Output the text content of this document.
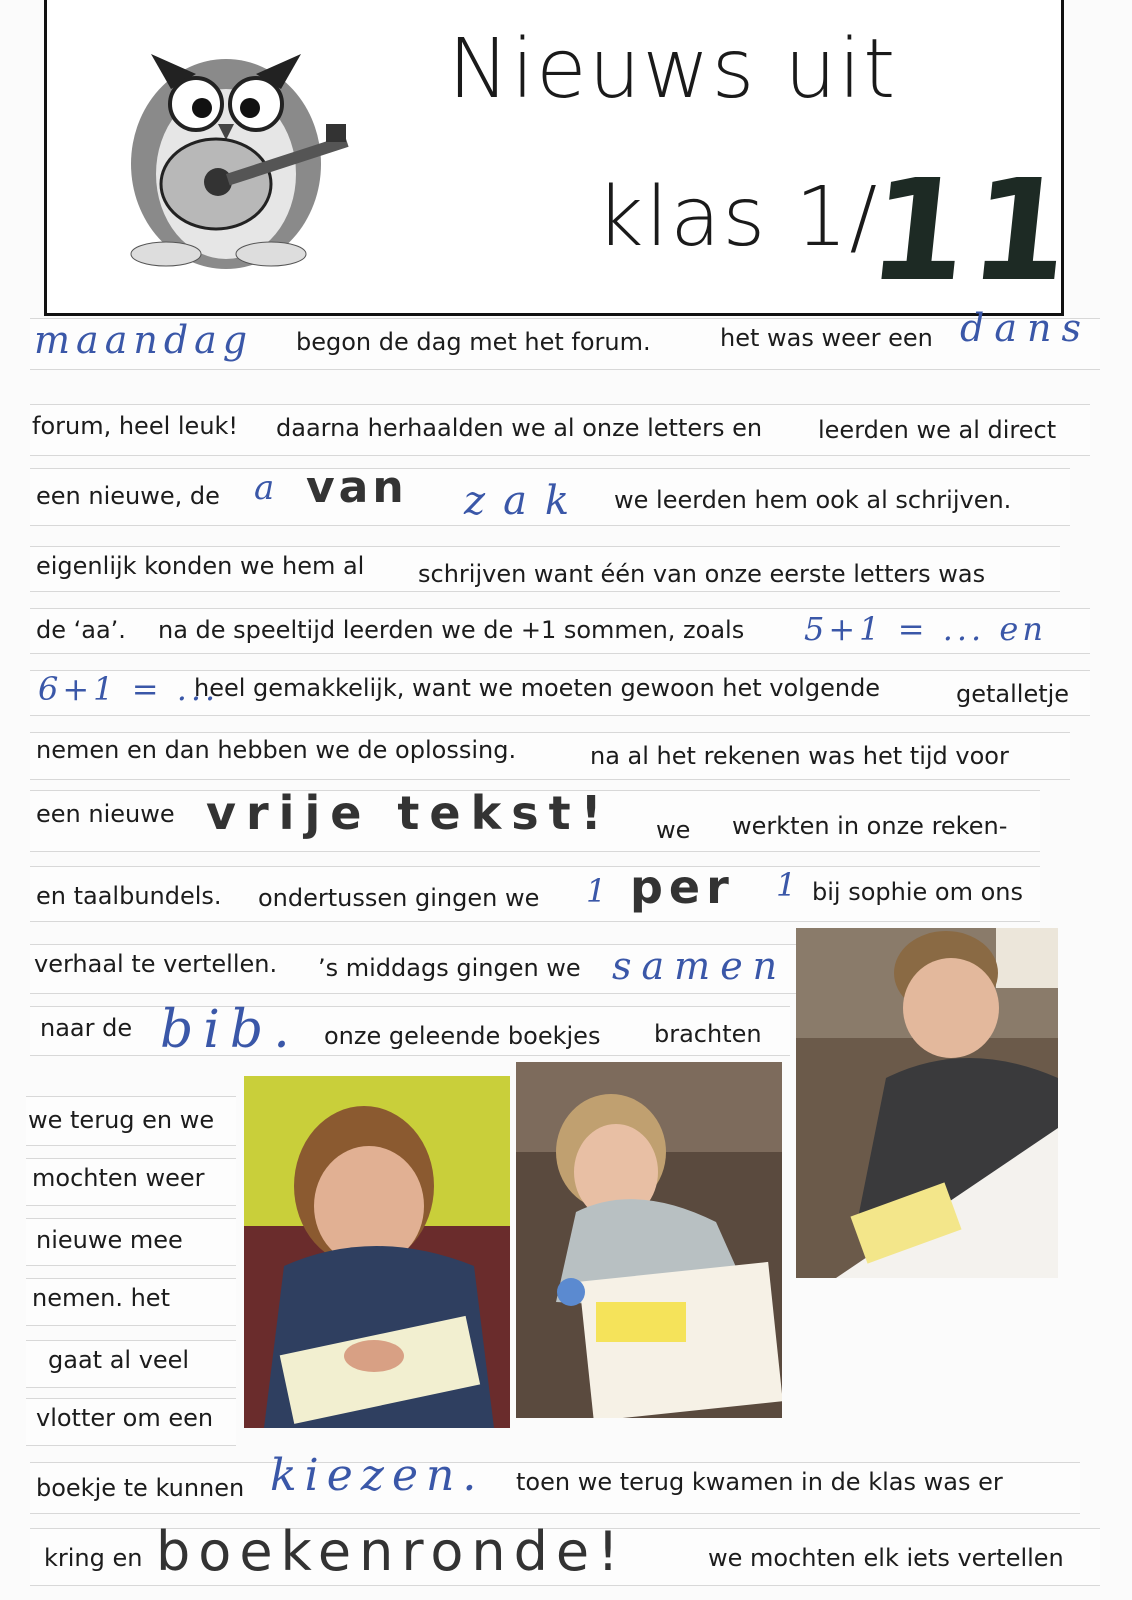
Nieuws uit
klas 1/
11
maandag begon de dag met het forum.	het was weer een dans
forum, heel leuk! daarna herhaalden we al onze letters en leerden we al direct
een nieuwe, de a van zak we leerden hem ook al schrijven.
eigenlijk konden we hem al schrijven want één van onze eerste letters was
de ‘aa’. na de speeltijd leerden we de +1 sommen, zoals 5+1 = ... en
6+1 = ...
heel gemakkelijk, want we moeten gewoon het volgende	getalletje
nemen en dan hebben we de oplossing.	na al het rekenen was het tijd voor
een nieuwe vrije tekst! we werkten in onze reken-
en taalbundels. ondertussen gingen we 1 per 1 bij sophie om ons
verhaal te vertellen. ’s middags gingen we samen
naar de bib. onze geleende boekjes brachten
we terug en we
mochten weer
nieuwe mee
nemen. het
gaat al veel
vlotter om een
boekje te kunnen kiezen. toen we terug kwamen in de klas was er
kring en boekenronde!	we mochten elk iets vertellen
